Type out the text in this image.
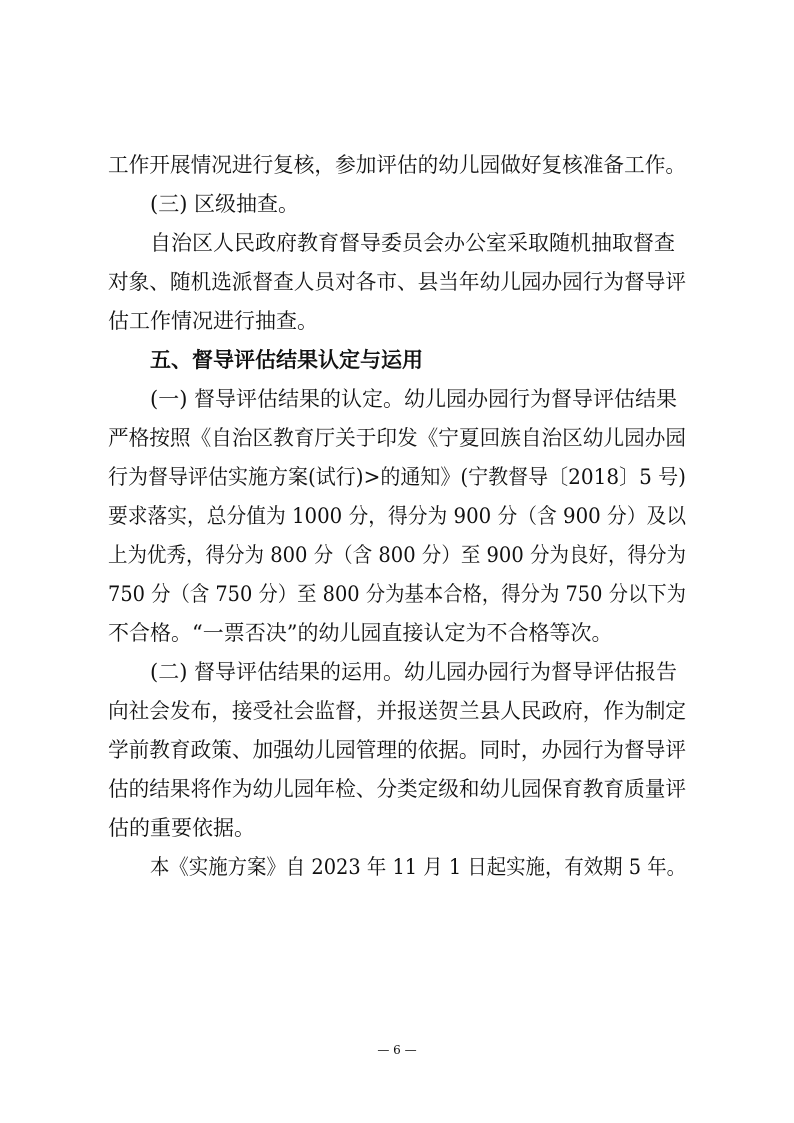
工作开展情况进行复核，参加评估的幼儿园做好复核准备工作。
(三) 区级抽查。
自治区人民政府教育督导委员会办公室采取随机抽取督查
对象、随机选派督查人员对各市、县当年幼儿园办园行为督导评
估工作情况进行抽查。
五、督导评估结果认定与运用
(一) 督导评估结果的认定。幼儿园办园行为督导评估结果
严格按照《自治区教育厅关于印发《宁夏回族自治区幼儿园办园
行为督导评估实施方案(试行)>的通知》(宁教督导〔2018〕5 号)
要求落实，总分值为 1000 分，得分为 900 分（含 900 分）及以
上为优秀，得分为 800 分（含 800 分）至 900 分为良好，得分为
750 分（含 750 分）至 800 分为基本合格，得分为 750 分以下为
不合格。“一票否决”的幼儿园直接认定为不合格等次。
(二) 督导评估结果的运用。幼儿园办园行为督导评估报告
向社会发布，接受社会监督，并报送贺兰县人民政府，作为制定
学前教育政策、加强幼儿园管理的依据。同时，办园行为督导评
估的结果将作为幼儿园年检、分类定级和幼儿园保育教育质量评
估的重要依据。
本《实施方案》自 2023 年 11 月 1 日起实施，有效期 5 年。
— 6 —
